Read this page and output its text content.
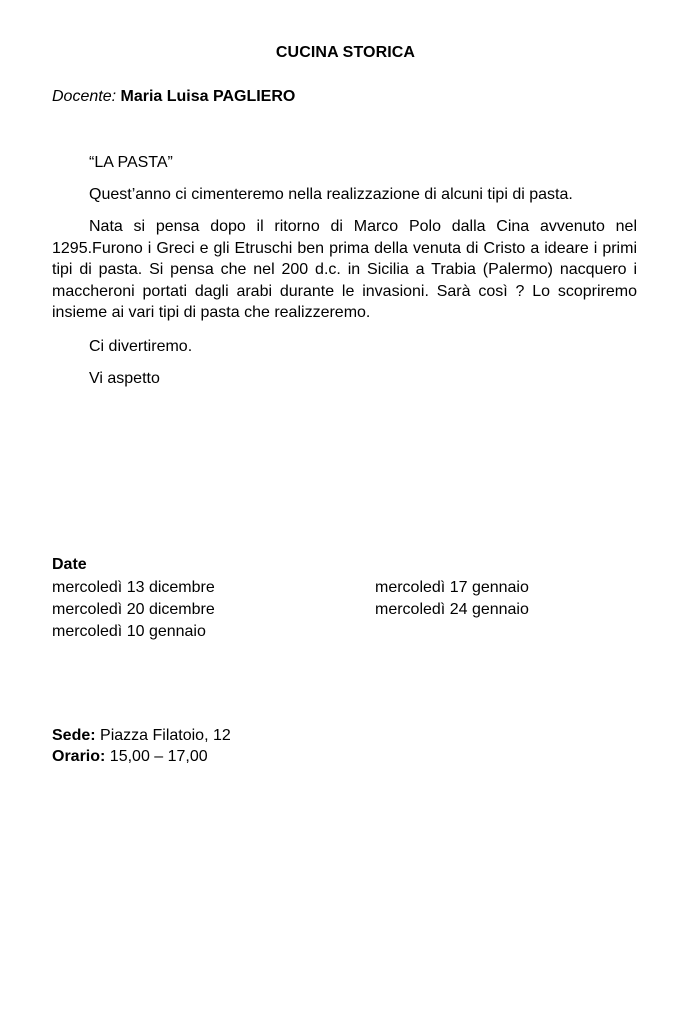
CUCINA STORICA
Docente: Maria Luisa PAGLIERO
“LA PASTA”
Quest’anno ci cimenteremo nella realizzazione di alcuni tipi di pasta.
Nata si pensa dopo il ritorno di Marco Polo dalla Cina avvenuto nel 1295.Furono i Greci e gli Etruschi ben prima della venuta di Cristo a ideare i primi tipi di pasta. Si pensa che nel 200 d.c. in Sicilia a Trabia (Palermo) nacquero i maccheroni portati dagli arabi durante le invasioni. Sarà così ? Lo scopriremo insieme ai vari tipi di pasta che realizzeremo.
Ci divertiremo.
Vi aspetto
Date
mercoledì 13 dicembre
mercoledì 20 dicembre
mercoledì 10 gennaio
mercoledì 17 gennaio
mercoledì 24 gennaio
Sede: Piazza Filatoio, 12
Orario: 15,00 – 17,00
